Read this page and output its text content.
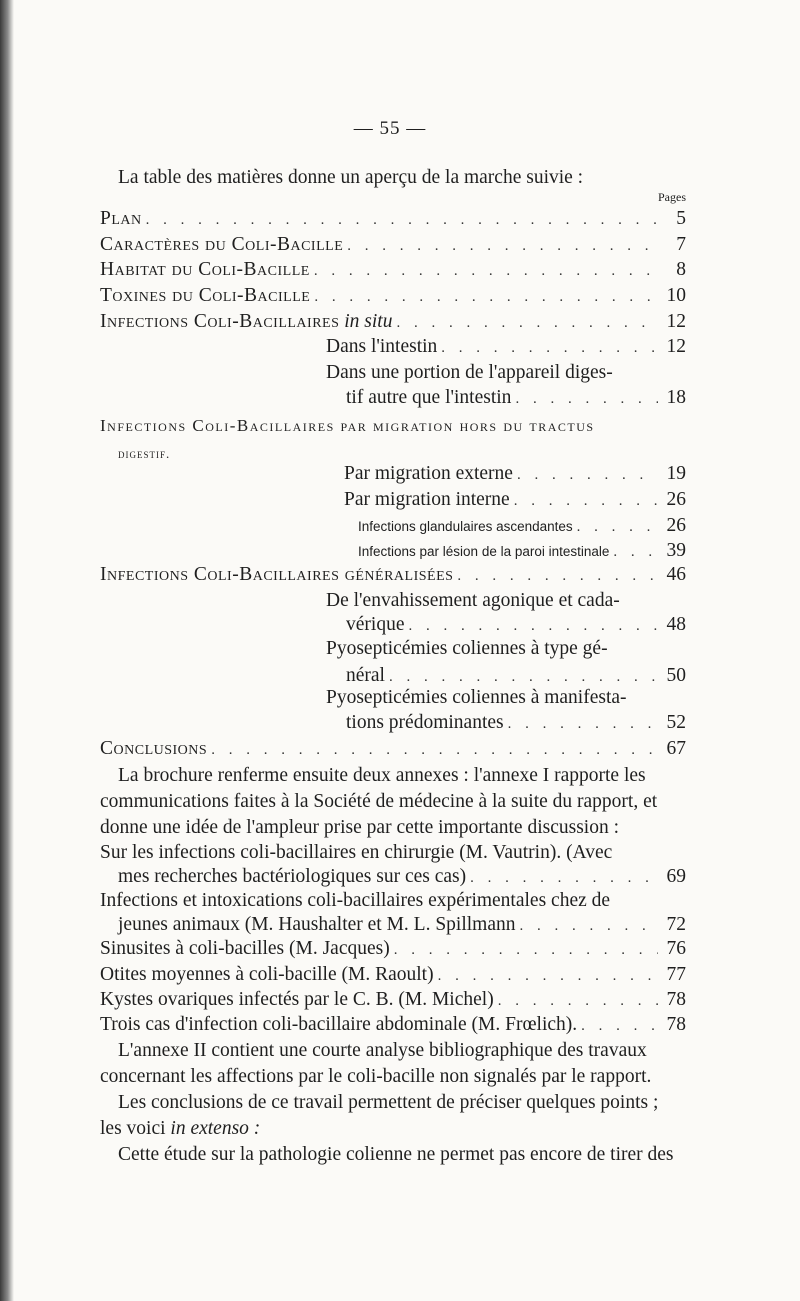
— 55 —
La table des matières donne un aperçu de la marche suivie :
Pages
Plan . . .	5
Caractères du Coli-Bacille . . .	7
Habitat du Coli-Bacille . . .	8
Toxines du Coli-Bacille . . .	10
Infections Coli-Bacillaires in situ . . .	12
Dans l'intestin . . .	12
Dans une portion de l'appareil diges-
tif autre que l'intestin . . .	18
Infections Coli-Bacillaires par migration hors du tractus
digestif.
Par migration externe . . .	19
Par migration interne . . .	26
Infections glandulaires ascendantes . . .	26
Infections par lésion de la paroi intestinale . . .	39
Infections Coli-Bacillaires généralisées . . .	46
De l'envahissement agonique et cada-
vérique . . .	48
Pyosepticémies coliennes à type gé-
néral . . .	50
Pyosepticémies coliennes à manifesta-
tions prédominantes . . .	52
Conclusions . . .	67
La brochure renferme ensuite deux annexes : l'annexe I rapporte les
communications faites à la Société de médecine à la suite du rapport, et
donne une idée de l'ampleur prise par cette importante discussion :
Sur les infections coli-bacillaires en chirurgie (M. Vautrin). (Avec
mes recherches bactériologiques sur ces cas) . . .	69
Infections et intoxications coli-bacillaires expérimentales chez de
jeunes animaux (M. Haushalter et M. L. Spillmann . . .	72
Sinusites à coli-bacilles (M. Jacques) . . .	76
Otites moyennes à coli-bacille (M. Raoult) . . .	77
Kystes ovariques infectés par le C. B. (M. Michel) . . .	78
Trois cas d'infection coli-bacillaire abdominale (M. Frœlich). . . .	78
L'annexe II contient une courte analyse bibliographique des travaux
concernant les affections par le coli-bacille non signalés par le rapport.
Les conclusions de ce travail permettent de préciser quelques points ;
les voici in extenso :
Cette étude sur la pathologie colienne ne permet pas encore de tirer des
